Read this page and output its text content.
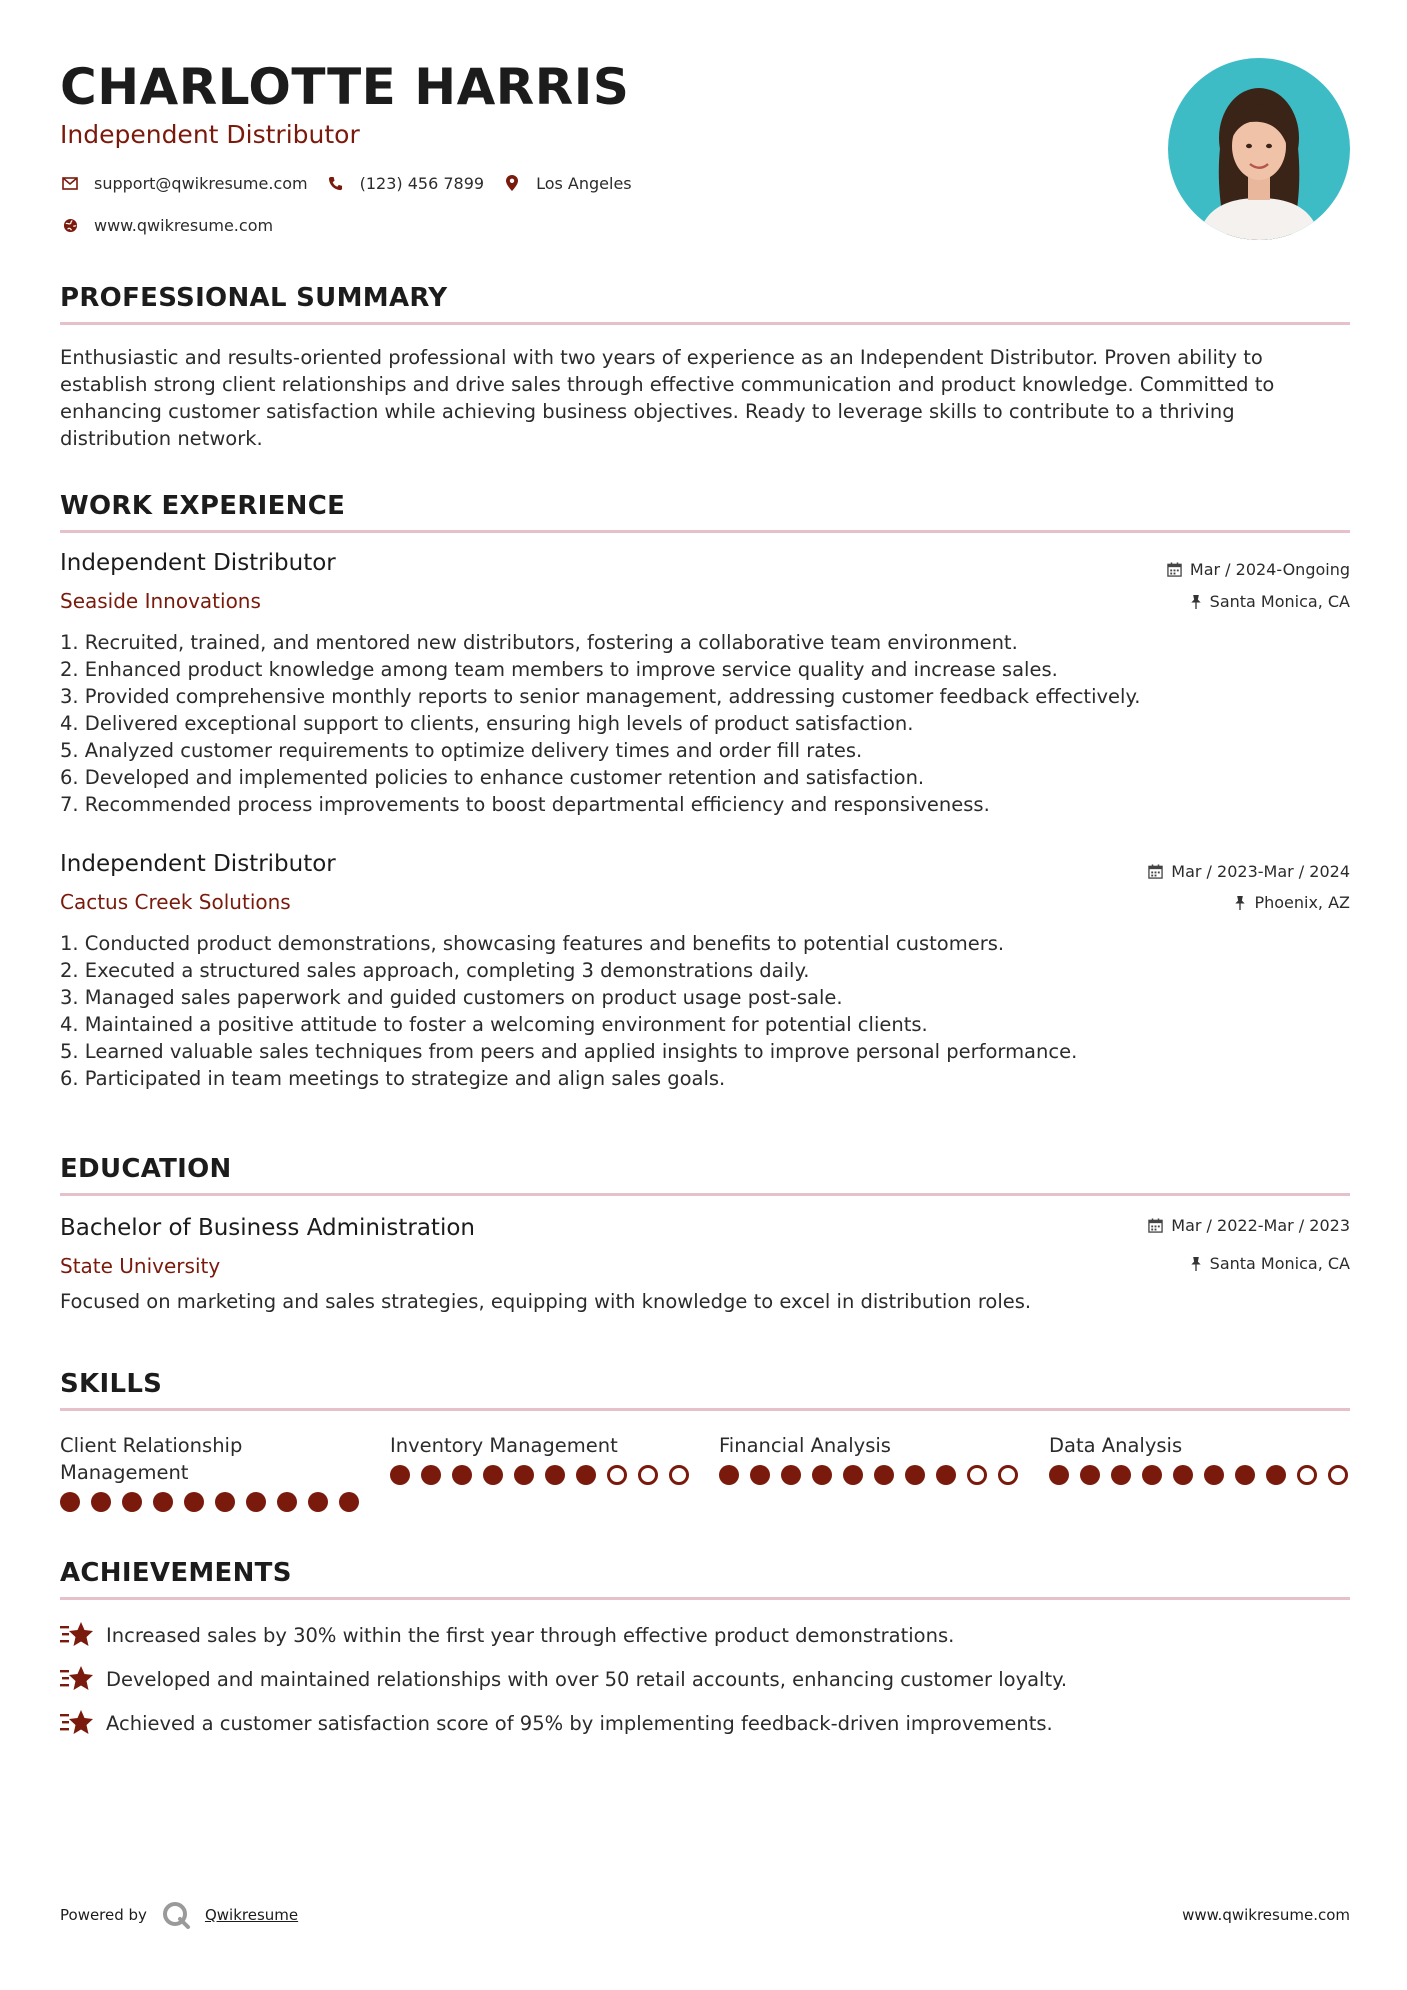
CHARLOTTE HARRIS
Independent Distributor
support@qwikresume.com	(123) 456 7899	Los Angeles
www.qwikresume.com
PROFESSIONAL SUMMARY
Enthusiastic and results-oriented professional with two years of experience as an Independent Distributor. Proven ability to establish strong client relationships and drive sales through effective communication and product knowledge. Committed to enhancing customer satisfaction while achieving business objectives. Ready to leverage skills to contribute to a thriving distribution network.
WORK EXPERIENCE
Independent Distributor
Seaside Innovations
Mar / 2024-Ongoing
Santa Monica, CA
1. Recruited, trained, and mentored new distributors, fostering a collaborative team environment.
2. Enhanced product knowledge among team members to improve service quality and increase sales.
3. Provided comprehensive monthly reports to senior management, addressing customer feedback effectively.
4. Delivered exceptional support to clients, ensuring high levels of product satisfaction.
5. Analyzed customer requirements to optimize delivery times and order fill rates.
6. Developed and implemented policies to enhance customer retention and satisfaction.
7. Recommended process improvements to boost departmental efficiency and responsiveness.
Independent Distributor
Cactus Creek Solutions
Mar / 2023-Mar / 2024
Phoenix, AZ
1. Conducted product demonstrations, showcasing features and benefits to potential customers.
2. Executed a structured sales approach, completing 3 demonstrations daily.
3. Managed sales paperwork and guided customers on product usage post-sale.
4. Maintained a positive attitude to foster a welcoming environment for potential clients.
5. Learned valuable sales techniques from peers and applied insights to improve personal performance.
6. Participated in team meetings to strategize and align sales goals.
EDUCATION
Bachelor of Business Administration
State University
Mar / 2022-Mar / 2023
Santa Monica, CA
Focused on marketing and sales strategies, equipping with knowledge to excel in distribution roles.
SKILLS
Client Relationship Management
Inventory Management	Financial Analysis	Data Analysis
ACHIEVEMENTS
Increased sales by 30% within the first year through effective product demonstrations.
Developed and maintained relationships with over 50 retail accounts, enhancing customer loyalty.
Achieved a customer satisfaction score of 95% by implementing feedback-driven improvements.
Powered by	Qwikresume	www.qwikresume.com
